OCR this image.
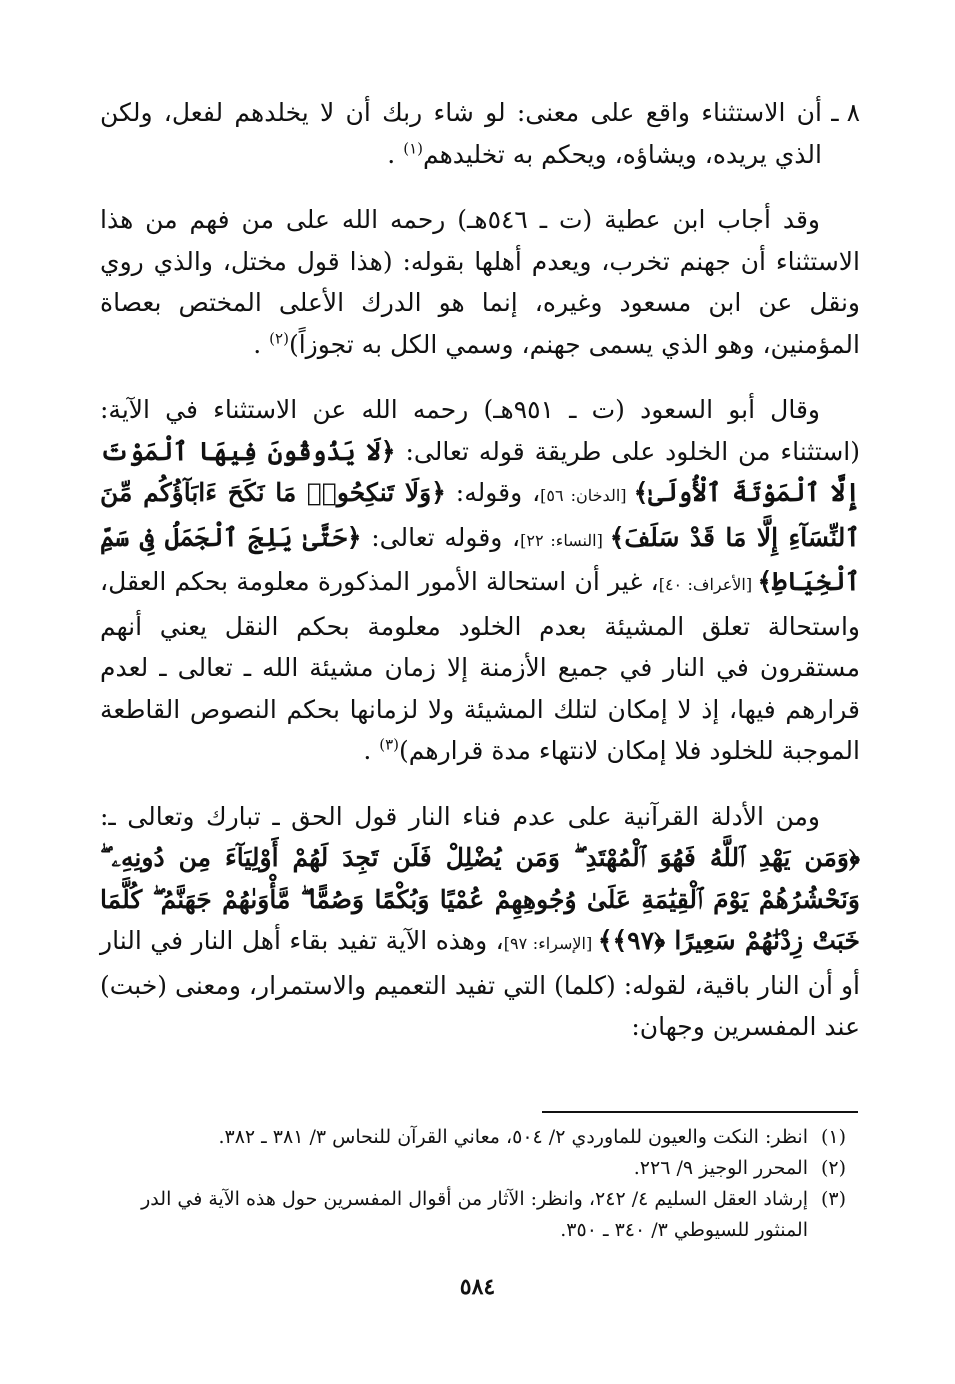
٨ ـ
أن الاستثناء واقع على معنى: لو شاء ربك أن لا يخلدهم لفعل، ولكن الذي يريده، ويشاؤه، ويحكم به تخليدهم$^{(١)}$ .
وقد أجاب ابن عطية (ت ـ ٥٤٦هـ) رحمه الله على من فهم من هذا الاستثناء أن جهنم تخرب، ويعدم أهلها بقوله: (هذا قول مختل، والذي روي ونقل عن ابن مسعود وغيره، إنما هو الدرك الأعلى المختص بعصاة المؤمنين، وهو الذي يسمى جهنم، وسمي الكل به تجوزاً)$^{(٢)}$ .
وقال أبو السعود (ت ـ ٩٥١هـ) رحمه الله عن الاستثناء في الآية: (استثناء من الخلود على طريقة قوله تعالى: ﴿لَا يَذُوقُونَ فِيهَا ٱلْمَوْتَ إِلَّا ٱلْمَوْتَةَ ٱلْأُولَىٰ﴾ [الدخان: ٥٦]، وقوله: ﴿وَلَا تَنكِحُوا۟ مَا نَكَحَ ءَابَآؤُكُم مِّنَ ٱلنِّسَآءِ إِلَّا مَا قَدْ سَلَفَ﴾ [النساء: ٢٢]، وقوله تعالى: ﴿حَتَّىٰ يَلِجَ ٱلْجَمَلُ فِى سَمِّ ٱلْخِيَاطِ﴾ [الأعراف: ٤٠]، غير أن استحالة الأمور المذكورة معلومة بحكم العقل، واستحالة تعلق المشيئة بعدم الخلود معلومة بحكم النقل يعني أنهم مستقرون في النار في جميع الأزمنة إلا زمان مشيئة الله ـ تعالى ـ لعدم قرارهم فيها، إذ لا إمكان لتلك المشيئة ولا لزمانها بحكم النصوص القاطعة الموجبة للخلود فلا إمكان لانتهاء مدة قرارهم)$^{(٣)}$ .
ومن الأدلة القرآنية على عدم فناء النار قول الحق ـ تبارك وتعالى ـ: ﴿وَمَن يَهْدِ ٱللَّهُ فَهُوَ ٱلْمُهْتَدِ ۖ وَمَن يُضْلِلْ فَلَن تَجِدَ لَهُمْ أَوْلِيَآءَ مِن دُونِهِۦ ۖ وَنَحْشُرُهُمْ يَوْمَ ٱلْقِيَٰمَةِ عَلَىٰ وُجُوهِهِمْ عُمْيًا وَبُكْمًا وَصُمًّا ۖ مَّأْوَىٰهُمْ جَهَنَّمُ ۖ كُلَّمَا خَبَتْ زِدْنَٰهُمْ سَعِيرًا ﴿٩٧﴾﴾ [الإسراء: ٩٧]، وهذه الآية تفيد بقاء أهل النار في النار أو أن النار باقية، لقوله: (كلما) التي تفيد التعميم والاستمرار، ومعنى (خبت) عند المفسرين وجهان:

(١)
انظر: النكت والعيون للماوردي ٢/ ٥٠٤، معاني القرآن للنحاس ٣/ ٣٨١ ـ ٣٨٢.

(٢)
المحرر الوجيز ٩/ ٢٢٦.

(٣)
إرشاد العقل السليم ٤/ ٢٤٢، وانظر: الآثار من أقوال المفسرين حول هذه الآية في الدر المنثور للسيوطي ٣/ ٣٤٠ ـ ٣٥٠.

٥٨٤
